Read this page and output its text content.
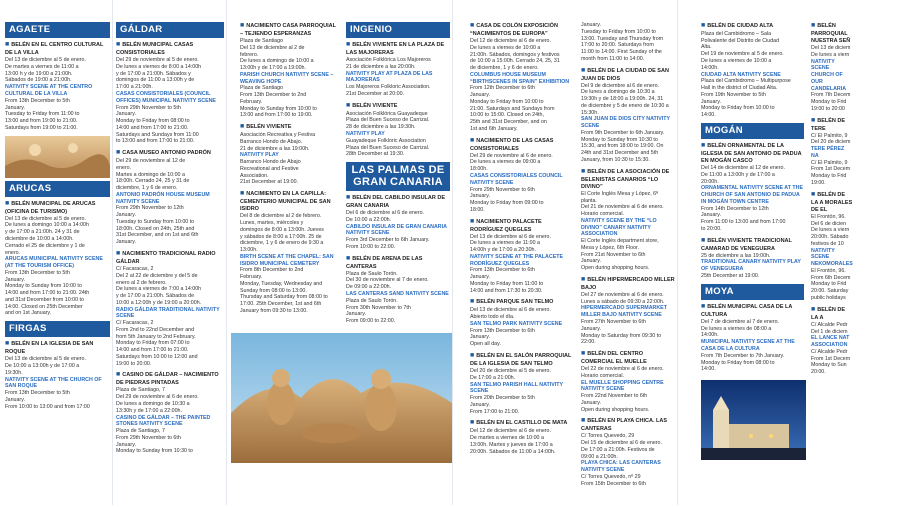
AGAETE
■ BELÉN EN EL CENTRO CULTURAL DE LA VILLA
Del 13 de diciembre al 5 de enero.
De martes a viernes de 11:00 a
13:00 h y de 19:00 a 21:00h.
Sábados de 19:00 a 21:00h.
NATIVITY SCENE AT THE CENTRO CULTURAL DE LA VILLA
From 13th December to 5th
January.
Tuesday to Friday from 11:00 to
13:00 and from 19:00 to 21:00.
Saturdays from 19:00 to 21:00.
ARUCAS
■ BELÉN MUNICIPAL DE ARUCAS (OFICINA DE TURISMO)
Del 13 de diciembre al 5 de enero.
De lunes a domingo 10:00 a 14:00h
y de 17:00 a 21:00h. 24 y 31 de
diciembre de 10:00 a 14:00h.
Cerrado el 25 de diciembre y 1 de
enero.
ARUCAS MUNICIPAL NATIVITY SCENE (AT THE TOURISM OFFICE)
From 13th December to 5th
January.
Monday to Sunday from 10:00 to
14:00 and from 17:00 to 21:00. 24th
and 31st December from 10:00 to
14:00. Closed on 25th December
and on 1st January.
FIRGAS
■ BELÉN EN LA IGLESIA DE SAN ROQUE
Del 13 de diciembre al 5 de enero.
De 10:00 a 13:00h y de 17:00 a
19:30h.
NATIVITY SCENE AT THE CHURCH OF SAN ROQUE
From 13th December to 5th
January.
From 10:00 to 13:00 and from 17:00
GÁLDAR
■ BELÉN MUNICIPAL CASAS CONSISTORIALES
Del 29 de noviembre al 5 de enero.
De lunes a viernes de 8:00 a 14:00h
y de 17:00 a 21:00h. Sábados y
domingos de 11:00 a 13:00h y de
17:00 a 21:00h.
CASAS CONSISTORIALES (COUNCIL OFFICES) MUNICIPAL NATIVITY SCENE
From 29th November to 5th
January.
Monday to Friday from 08:00 to
14:00 and from 17:00 to 21:00.
Saturdays and Sundays from 11:00
to 13:00 and from 17:00 to 21:00.
■ CASA MUSEO ANTONIO PADRÓN
Del 29 de noviembre al 12 de
enero.
Martes a domingo de 10:00 a
18:00h. Cerrado 24, 25 y 31 de
diciembre, 1 y 6 de enero.
ANTONIO PADRÓN HOUSE MUSEUM NATIVITY SCENE
From 29th November to 12th
January.
Tuesday to Sunday from 10:00 to
18:00h. Closed on 24th, 25th and
31st December, and on 1st and 6th
January.
■ NACIMIENTO TRADICIONAL RADIO GÁLDAR
C/ Facaracas, 2
Del 2 al 22 de diciembre y del 5 de
enero al 2 de febrero.
De lunes a viernes de 7:00 a 14:00h
y de 17:00 a 21:00h. Sábados de
10:00 a 12:00h y de 19:00 a 20:00h.
RADIO GÁLDAR TRADITIONAL NATIVITY SCENE
C/ Facaracas, 2
From 2nd to 22nd December and
from 5th January to 2nd February.
Monday to Friday from 07:00 to
14:00 and from 17:00 to 21:00.
Saturdays from 10:00 to 12:00 and
19:00 to 20:00.
■ CASINO DE GÁLDAR – NACIMIENTO DE PIEDRAS PINTADAS
Plaza de Santiago, 7
Del 29 de noviembre al 6 de enero.
De lunes a domingo de 10:30 a
13:30h y de 17:00 a 22:00h.
CASINO DE GÁLDAR – THE PAINTED STONES NATIVITY SCENE
Plaza de Santiago, 7
From 29th November to 6th
January.
Monday to Sunday from 10:30 to
■ NACIMIENTO CASA PARROQUIAL – TEJIENDO ESPERANZAS
Plaza de Santiago
Del 13 de diciembre al 2 de
febrero.
De lunes a domingo de 10:00 a
13:00h y de 17:00 a 19:00h.
PARISH CHURCH NATIVITY SCENE – WEAVING HOPE
Plaza de Santiago
From 13th December to 2nd
February.
Monday to Sunday from 10:00 to
13:00 and from 17:00 to 19:00.
■ BELÉN VIVIENTE
Asociación Recreativa y Festiva
Barranco Hondo de Abajo.
21 de diciembre a las 19:00h.
NATIVITY PLAY
Barranco Hondo de Abajo
Recreational and Festive
Association.
21st December at 19:00.
■ NACIMIENTO EN LA CAPILLA: CEMENTERIO MUNICIPAL DE SAN ISIDRO
Del 8 de diciembre al 2 de febrero.
Lunes, martes, miércoles y
domingos de 8:00 a 13:00h. Jueves
y sábados de 8:00 a 17:00h. 25 de
diciembre, 1 y 6 de enero de 9:30 a
13:00h.
BIRTH SCENE AT THE CHAPEL: SAN ISIDRO MUNICIPAL CEMETERY
From 8th December to 2nd
February.
Monday, Tuesday, Wednesday and
Sunday from 08:00 to 13:00.
Thursday and Saturday from 08:00 to
17:00. 25th December, 1st and 6th
January from 09:30 to 13:00.
INGENIO
■ BELÉN VIVIENTE EN LA PLAZA DE LAS MAJORERAS
Asociación Folklórica Los Majoreros
21 de diciembre a las 20:00h.
NATIVITY PLAY AT PLAZA DE LAS MAJORERAS
Los Majoreros Folkloric Association.
21st December at 20:00.
■ BELÉN VIVIENTE
Asociación Folklórica Guayadeque
Plaza del Buen Suceso de Carrizal.
28 de diciembre a las 19:30h.
NATIVITY PLAY
Guayadeque Folkloric Association
Plaza del Buen Suceso de Carrizal.
28th December at 19:30.
LAS PALMAS DE GRAN CANARIA
■ BELÉN DEL CABILDO INSULAR DE GRAN CANARIA
Del 6 de diciembre al 6 de enero.
De 10:00 a 22:00h.
CABILDO INSULAR DE GRAN CANARIA NATIVITY SCENE
From 3rd December to 6th January.
From 10:00 to 22:00.
■ BELÉN DE ARENA DE LAS CANTERAS
Plaza de Saulo Torón.
Del 30 de noviembre al 7 de enero.
De 09:00 a 22:00h.
LAS CANTERAS SAND NATIVITY SCENE
Plaza de Saulo Torón.
From 30th November to 7th
January.
From 09:00 to 22:00.
■ CASA DE COLÓN EXPOSICIÓN “NACIMIENTOS DE EUROPA”
Del 12 de diciembre al 6 de enero.
De lunes a viernes de 10:00 a
21:00h. Sábados, domingos y festivos
de 10:00 a 15:00h. Cerrado 24, 25, 31
de diciembre, 1 y 6 de enero.
COLUMBUS HOUSE MUSEUM “BIRTHSCENES IN SPAIN” EXHIBITION
From 12th December to 6th
January.
Monday to Friday from 10:00 to
21:00. Saturdays and Sundays from
10:00 to 15:00. Closed on 24th,
25th and 31st December, and on
1st and 6th January.
■ NACIMIENTO DE LAS CASAS CONSISTORIALES
Del 29 de noviembre al 6 de enero.
De lunes a viernes de 09:00 a
18:00h.
CASAS CONSISTORIALES COUNCIL NATIVITY SCENE
From 29th November to 6th
January.
Monday to Friday from 09:00 to
18:00.
■ NACIMIENTO PALACETE RODRÍGUEZ QUEGLES
Del 13 de diciembre al 6 de enero.
De lunes a viernes de 11:00 a
14:00h y de 17:00 a 20:30h.
NATIVITY SCENE AT THE PALACETE RODRÍGUEZ QUEGLES
From 13th December to 6th
January.
Monday to Friday from 11:00 to
14:00 and from 17:30 to 20:30.
■ BELÉN PARQUE SAN TELMO
Del 13 de diciembre al 6 de enero.
Abierto todo el día.
SAN TELMO PARK NATIVITY SCENE
From 13th December to 6th
January.
Open all day.
■ BELÉN EN EL SALÓN PARROQUIAL DE LA IGLESIA DE SAN TELMO
Del 20 de diciembre al 5 de enero.
De 17:00 a 21:00h.
SAN TELMO PARISH HALL NATIVITY SCENE
From 20th December to 5th
January.
From 17:00 to 21:00.
■ BELÉN EN EL CASTILLO DE MATA
Del 12 de diciembre al 6 de enero.
De martes a viernes de 10:00 a
13:00h. Martes y jueves de 17:00 a
20:00h. Sábados de 11:00 a 14:00h.
January.
Tuesday to Friday from 10:00 to
13:00. Tuesday and Thursday from
17:00 to 20:00. Saturdays from
11:00 to 14:00. First Sunday of the
month from 11:00 to 14:00.
■ BELÉN DE LA CIUDAD DE SAN JUAN DE DIOS
Del 9 de diciembre al 6 de enero.
De lunes a domingo de 10:30 a
19:30h y de 18:00 a 19:00h. 24, 31
de diciembre y 5 de enero de 10:30 a
15:30h.
SAN JUAN DE DIOS CITY NATIVITY SCENE
From 9th December to 6th January.
Monday to Sunday from 10:30 to
15:30, and from 18:00 to 19:00. On
24th and 31st December and 5th
January, from 10:30 to 15:30.
■ BELÉN DE LA ASOCIACIÓN DE BELENISTAS CANARIOS “LO DIVINO”
El Corte Inglés Mesa y López, 6ª
planta.
Del 21 de noviembre al 6 de enero.
Horario comercial.
NATIVITY SCENE BY THE “LO DIVINO” CANARY NATIVITY ASSOCIATION
El Corte Inglés department store,
Mesa y López, 6th Floor.
From 21st November to 6th
January.
Open during shopping hours.
■ BELÉN HIPERMERCADO MILLER BAJO
Del 27 de noviembre al 6 de enero.
Lunes a sábado de 09:30 a 22:00h.
HIPERMERCADO SUPERMARKET MILLER BAJO NATIVITY SCENE
From 27th November to 6th
January.
Monday to Saturday from 09:30 to
22:00.
■ BELÉN DEL CENTRO COMERCIAL EL MUELLE
Del 22 de noviembre al 6 de enero.
Horario comercial.
EL MUELLE SHOPPING CENTRE NATIVITY SCENE
From 22nd November to 6th
January.
Open during shopping hours.
■ BELÉN EN PLAYA CHICA. LAS CANTERAS
C/ Torres Quevedo, 29
Del 15 de diciembre al 6 de enero.
De 17:00 a 21:00h. Festivos de
09:00 a 21:00h.
PLAYA CHICA: LAS CANTERAS NATIVITY SCENE
C/ Torres Quevedo, nº 29
From 15th December to 6th
■ BELÉN DE CIUDAD ALTA
Plaza del Cambidromo – Sala
Polivalente del Distrito de Ciudad
Alta.
Del 19 de noviembre al 5 de enero.
De lunes a viernes de 10:00 a
14:00h.
CIUDAD ALTA NATIVITY SCENE
Plaza del Cambidromo – Multipurpose
Hall in the district of Ciudad Alta.
From 19th November to 5th
January.
Monday to Friday from 10:00 to
14:00.
MOGÁN
■ BELÉN ORNAMENTAL DE LA IGLESIA DE SAN ANTONIO DE PADUA EN MOGÁN CASCO
Del 14 de diciembre al 12 de enero.
De 11:00 a 13:00h y de 17:00 a
20:00h.
ORNAMENTAL NATIVITY SCENE AT THE CHURCH OF SAN ANTONIO DE PADUA IN MOGÁN TOWN CENTRE
From 14th December to 12th
January.
From 11:00 to 13:00 and from 17:00
to 20:00.
■ BELÉN VIVIENTE TRADICIONAL CAMARAD DE VENEGUERA
25 de diciembre a las 19:00h.
TRADITIONAL CANARY NATIVITY PLAY OF VENEGUERA
25th December at 19:00.
MOYA
■ BELÉN MUNICIPAL CASA DE LA CULTURA
Del 7 de diciembre al 7 de enero.
De lunes a viernes de 08:00 a
14:00h.
MUNICIPAL NATIVITY SCENE AT THE CASA DE LA CULTURA
From 7th December to 7th January.
Monday to Friday from 08:00 to
14:00.
■ BELÉN PARROQUIAL NUESTRA SEÑ
Del 13 de diciem
De lunes a viern
NATIVITY SCENE CHURCH OF OUR CANDELARIA
From 7th Decem
Monday to Frid
19:00 to 20:00
■ BELÉN DE TERE
C/ El Palmito, 9
Del 20 de diciem
TERE PÉREZ NA
C/ El Palmito, 9
From 1st Decem
Monday to Frid
19:00.
■ BELÉN DE LA A MORALES DE EL
El Frontón, 96.
Del 6 de dicien
De lunes a viern
20:00h. Sábado
festivos de 10
NATIVITY SCENE NEKOMORALES
El Frontón, 96.
From 6th Decem
Monday to Frid
20:00. Saturday
public holidays
■ BELÉN DE LA A
C/ Alcalde Pedr
Del 1 de diciem
EL LANCE NAT ASSOCIATION
C/ Alcalde Pedr
From 1st Decem
Monday to Sun
20:00.
